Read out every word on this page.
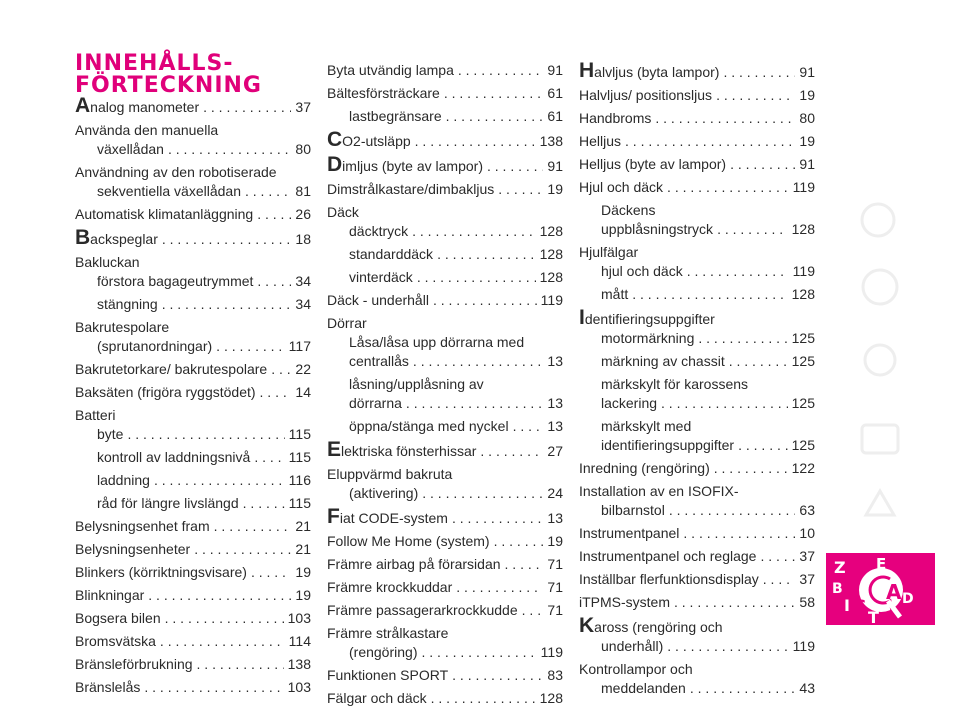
INNEHÅLLS-
FÖRTECKNING
Analog manometer . . .	37
Använda den manuella
växellådan . . .	80
Användning av den robotiserade
sekventiella växellådan . . .	81
Automatisk klimatanläggning . . .	26
Backspeglar . . .	18
Bakluckan
förstora bagageutrymmet . . .	34
stängning . . .	34
Bakrutespolare
(sprutanordningar) . . .	117
Bakrutetorkare/ bakrutespolare . . . 22
Baksäten (frigöra ryggstödet) . . .	14
Batteri
byte . . .	115
kontroll av laddningsnivå . . .	115
laddning . . .	116
råd för längre livslängd . . .	115
Belysningsenhet fram . . .	21
Belysningsenheter . . .	21
Blinkers (körriktningsvisare) . . .	19
Blinkningar . . .	19
Bogsera bilen . . .	103
Bromsvätska . . .	114
Bränsleförbrukning . . .	138
Bränslelås . . .	103
Byta utvändig lampa . . .	91
Bältesförsträckare . . .	61
lastbegränsare . . .	61
CO2-utsläpp . . .	138
Dimljus (byte av lampor) . . .	91
Dimstrålkastare/dimbakljus . . .	19
Däck
däcktryck . . .	128
standarddäck . . .	128
vinterdäck . . .	128
Däck - underhåll . . .	119
Dörrar
Låsa/låsa upp dörrarna med
centrallås . . .	13
låsning/upplåsning av
dörrarna . . .	13
öppna/stänga med nyckel . . .	13
Elektriska fönsterhissar . . .	27
Eluppvärmd bakruta
(aktivering) . . .	24
Fiat CODE-system . . .	13
Follow Me Home (system) . . .	19
Främre airbag på förarsidan . . .	71
Främre krockkuddar . . .	71
Främre passagerarkrockkudde . . . 71
Främre strålkastare
(rengöring) . . .	119
Funktionen SPORT . . .	83
Fälgar och däck . . .	128
Halvljus (byta lampor) . . .	91
Halvljus/ positionsljus . . .	19
Handbroms . . .	80
Helljus . . .	19
Helljus (byte av lampor) . . .	91
Hjul och däck . . .	119
Däckens
uppblåsningstryck . . .	128
Hjulfälgar
hjul och däck . . .	119
mått . . .	128
Identifieringsuppgifter
motormärkning . . .	125
märkning av chassit . . .	125
märkskylt för karossens
lackering . . .	125
märkskylt med
identifieringsuppgifter . . .	125
Inredning (rengöring) . . .	122
Installation av en ISOFIX-
bilbarnstol . . .	63
Instrumentpanel . . .	10
Instrumentpanel och reglage . . .	37
Inställbar flerfunktionsdisplay . . .	37
iTPMS-system . . .	58
Kaross (rengöring och
underhåll) . . .	119
Kontrollampor och
meddelanden . . .	43
Z E
B A
C
T
D
I
